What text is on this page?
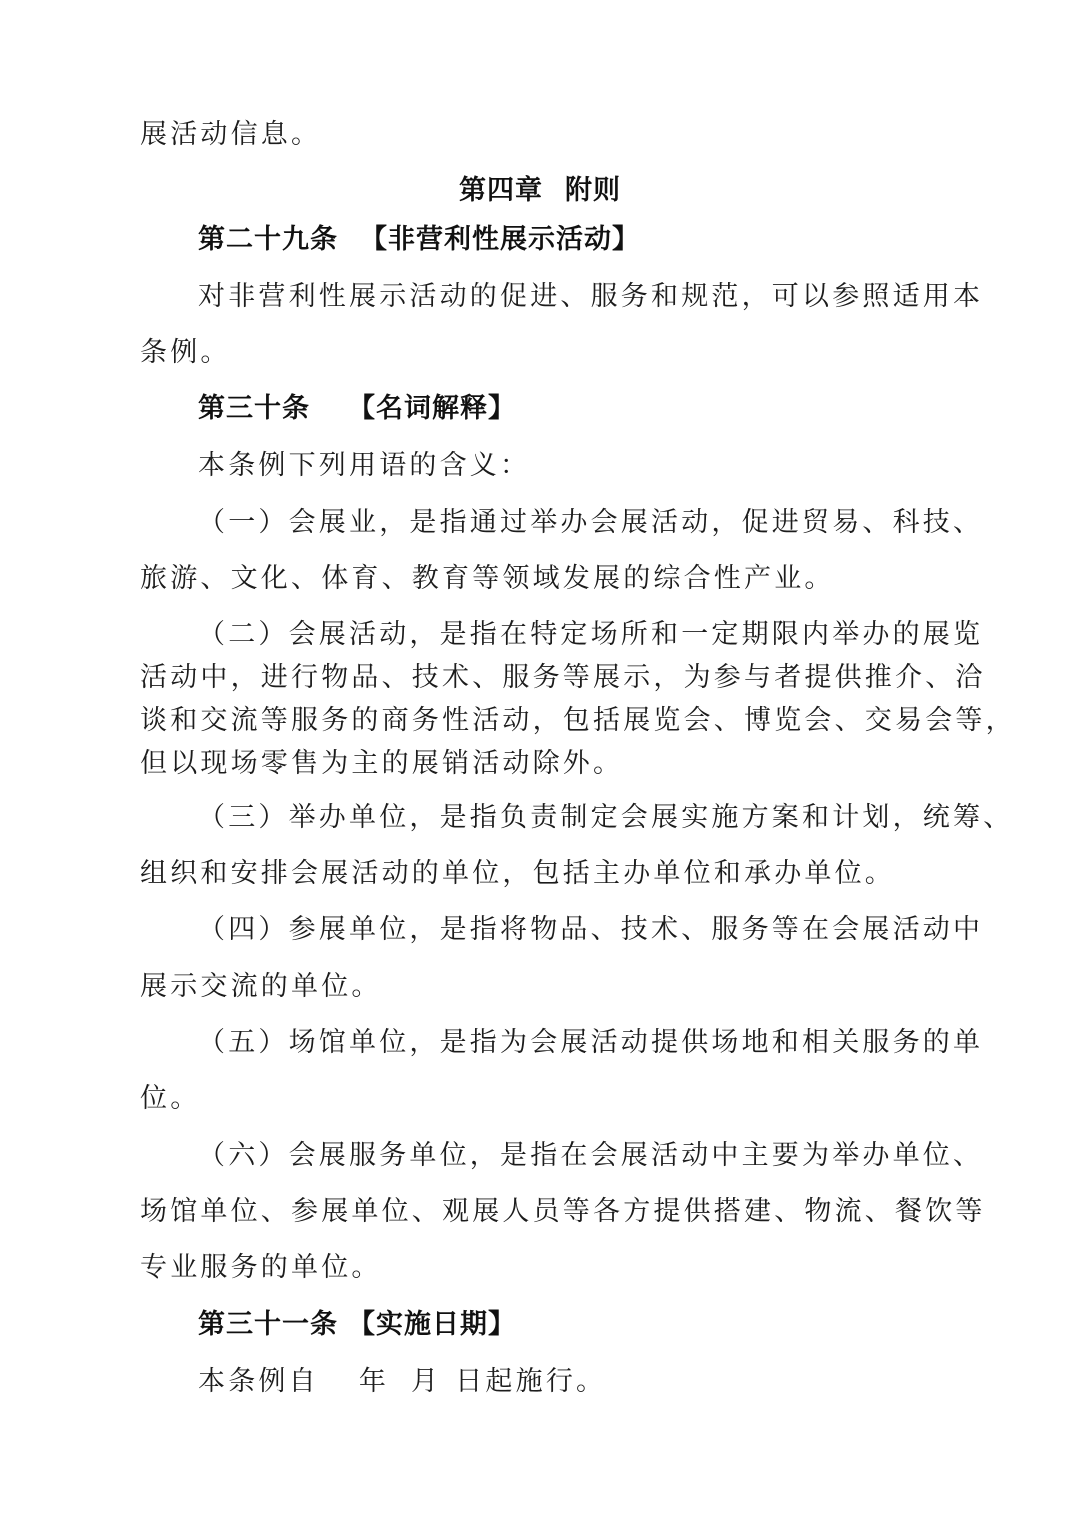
展活动信息。
第四章 附则
第二十九条 【非营利性展示活动】
对非营利性展示活动的促进、服务和规范，可以参照适用本
条例。
第三十条 【名词解释】
本条例下列用语的含义：
（一）会展业，是指通过举办会展活动，促进贸易、科技、
旅游、文化、体育、教育等领域发展的综合性产业。
（二）会展活动，是指在特定场所和一定期限内举办的展览
活动中，进行物品、技术、服务等展示，为参与者提供推介、洽
谈和交流等服务的商务性活动，包括展览会、博览会、交易会等，
但以现场零售为主的展销活动除外。
（三）举办单位，是指负责制定会展实施方案和计划，统筹、
组织和安排会展活动的单位，包括主办单位和承办单位。
（四）参展单位，是指将物品、技术、服务等在会展活动中
展示交流的单位。
（五）场馆单位，是指为会展活动提供场地和相关服务的单
位。
（六）会展服务单位，是指在会展活动中主要为举办单位、
场馆单位、参展单位、观展人员等各方提供搭建、物流、餐饮等
专业服务的单位。
第三十一条 【实施日期】
本条例自 年 月 日起施行。
